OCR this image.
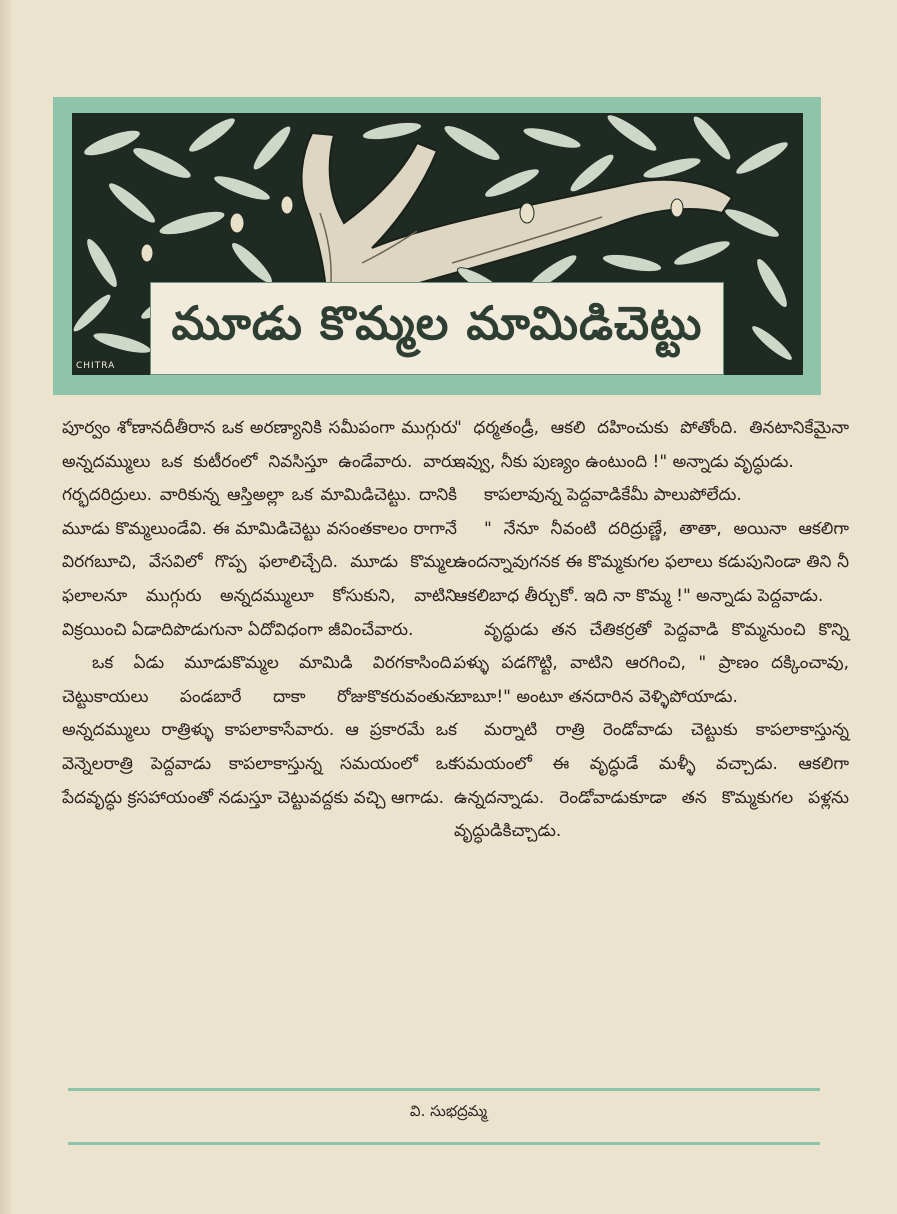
మూడు కొమ్మల మామిడిచెట్టు
CHITRA

పూర్వం శోణానదీతీరాన ఒక అరణ్యానికి సమీపంగా ముగ్గురు అన్నదమ్ములు ఒక కుటీరంలో నివసిస్తూ ఉండేవారు. వారు గర్భదరిద్రులు. వారికున్న ఆస్తిఅల్లా ఒక మామిడిచెట్టు. దానికి మూడు కొమ్మలుండేవి. ఈ మామిడిచెట్టు వసంతకాలం రాగానే విరగబూచి, వేసవిలో గొప్ప ఫలాలిచ్చేది. మూడు కొమ్మల ఫలాలనూ ముగ్గురు అన్నదమ్ములూ కోసుకుని, వాటిని విక్రయించి ఏడాదిపొడుగునా ఏదోవిధంగా జీవించేవారు.

ఒక ఏడు మూడుకొమ్మల మామిడి విరగకాసింది. చెట్టుకాయలు పండబారే దాకా రోజుకొకరువంతున అన్నదమ్ములు రాత్రిళ్ళు కాపలాకాసేవారు. ఆ ప్రకారమే ఒక వెన్నెలరాత్రి పెద్దవాడు కాపలాకాస్తున్న సమయంలో ఒక పేదవృద్ధు క్రసహాయంతో నడుస్తూ చెట్టువద్దకు వచ్చి ఆగాడు.

" ధర్మతండ్రీ, ఆకలి దహించుకు పోతోంది. తినటానికేమైనా ఇవ్వు, నీకు పుణ్యం ఉంటుంది !" అన్నాడు వృద్ధుడు.

కాపలావున్న పెద్దవాడికేమీ పాలుపోలేదు.

" నేనూ నీవంటి దరిద్రుణ్ణే, తాతా, అయినా ఆకలిగా ఉందన్నావుగనక ఈ కొమ్మకుగల ఫలాలు కడుపునిండా తిని నీ ఆకలిబాధ తీర్చుకో. ఇది నా కొమ్మ !" అన్నాడు పెద్దవాడు.

వృద్ధుడు తన చేతికర్రతో పెద్దవాడి కొమ్మనుంచి కొన్ని పళ్ళు పడగొట్టి, వాటిని ఆరగించి, " ప్రాణం దక్కించావు, బాబూ!" అంటూ తనదారిన వెళ్ళిపోయాడు.

మర్నాటి రాత్రి రెండోవాడు చెట్టుకు కాపలాకాస్తున్న సమయంలో ఈ వృద్ధుడే మళ్ళీ వచ్చాడు. ఆకలిగా ఉన్నదన్నాడు. రెండోవాడుకూడా తన కొమ్మకుగల పళ్లను వృద్ధుడికిచ్చాడు.

వి. సుభద్రమ్మ
